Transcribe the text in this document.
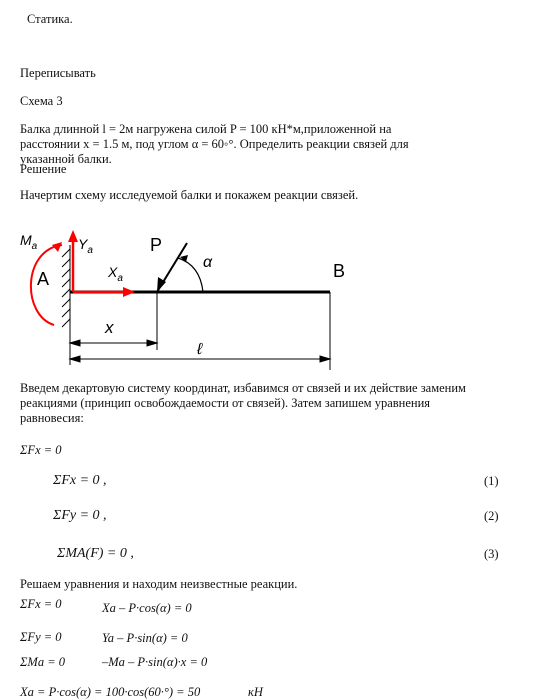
Статика.
Переписывать
Схема 3
Балка длинной l = 2м нагружена силой P = 100 кН*м,приложенной на
расстоянии x = 1.5 м, под углом α = 60◦°. Определить реакции связей для
указанной балки.
Решение
Начертим схему исследуемой балки и покажем реакции связей.
$M_a$	$Y_a$
$X_a$
A	B
P
α
x
ℓ
Введем декартовую систему координат, избавимся от связей и их действие заменим
реакциями (принцип освобождаемости от связей). Затем запишем уравнения
равновесия:
ΣFx = 0
ΣFx = 0 ,	(1)
ΣFy = 0 ,	(2)
ΣMA(F) = 0 ,	(3)
Решаем уравнения и находим неизвестные реакции.
ΣFx = 0	Xa – P·cos(α) = 0
ΣFy = 0	Ya – P·sin(α) = 0
ΣMa = 0	–Ma – P·sin(α)·x = 0
Xa = P·cos(α) = 100·cos(60·°) = 50	кН
